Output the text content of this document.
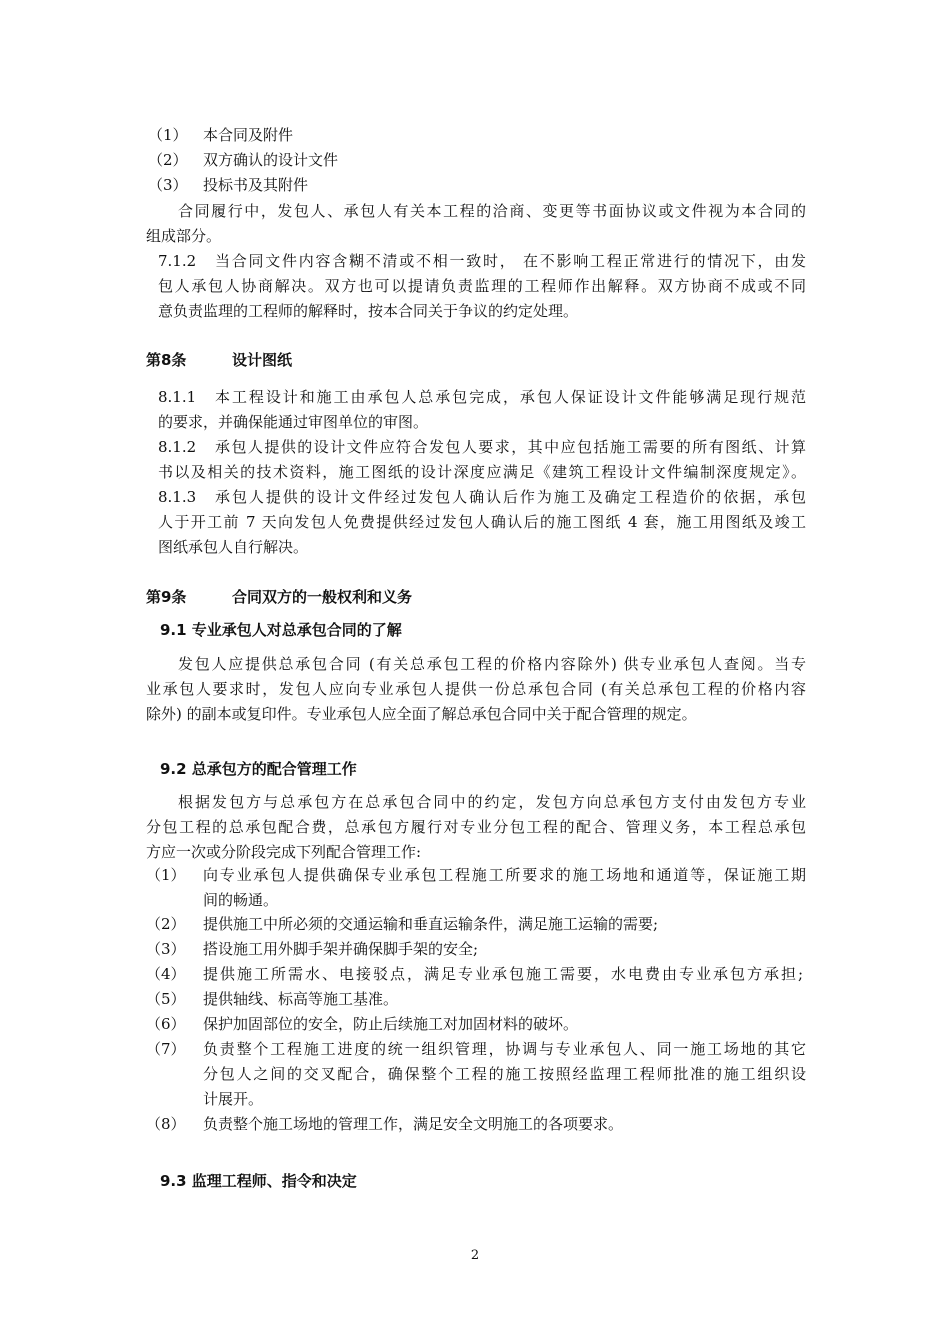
（1） 本合同及附件
（2） 双方确认的设计文件
（3） 投标书及其附件
合同履行中，发包人、承包人有关本工程的洽商、变更等书面协议或文件视为本合同的
组成部分。
7.1.2 当合同文件内容含糊不清或不相一致时， 在不影响工程正常进行的情况下，由发
包人承包人协商解决。双方也可以提请负责监理的工程师作出解释。双方协商不成或不同
意负责监理的工程师的解释时，按本合同关于争议的约定处理。
第8条	设计图纸
8.1.1 本工程设计和施工由承包人总承包完成，承包人保证设计文件能够满足现行规范
的要求，并确保能通过审图单位的审图。
8.1.2 承包人提供的设计文件应符合发包人要求，其中应包括施工需要的所有图纸、计算
书以及相关的技术资料，施工图纸的设计深度应满足《建筑工程设计文件编制深度规定》。
8.1.3 承包人提供的设计文件经过发包人确认后作为施工及确定工程造价的依据，承包
人于开工前 7 天向发包人免费提供经过发包人确认后的施工图纸 4 套，施工用图纸及竣工
图纸承包人自行解决。
第9条	合同双方的一般权利和义务
9.1 专业承包人对总承包合同的了解
发包人应提供总承包合同 (有关总承包工程的价格内容除外) 供专业承包人查阅。当专
业承包人要求时，发包人应向专业承包人提供一份总承包合同 (有关总承包工程的价格内容
除外) 的副本或复印件。专业承包人应全面了解总承包合同中关于配合管理的规定。
9.2 总承包方的配合管理工作
根据发包方与总承包方在总承包合同中的约定，发包方向总承包方支付由发包方专业
分包工程的总承包配合费，总承包方履行对专业分包工程的配合、管理义务，本工程总承包
方应一次或分阶段完成下列配合管理工作:
（1） 向专业承包人提供确保专业承包工程施工所要求的施工场地和通道等，保证施工期
间的畅通。
（2） 提供施工中所必须的交通运输和垂直运输条件，满足施工运输的需要;
（3） 搭设施工用外脚手架并确保脚手架的安全;
（4） 提供施工所需水、电接驳点，满足专业承包施工需要，水电费由专业承包方承担;
（5） 提供轴线、标高等施工基准。
（6） 保护加固部位的安全，防止后续施工对加固材料的破坏。
（7） 负责整个工程施工进度的统一组织管理，协调与专业承包人、同一施工场地的其它
分包人之间的交叉配合，确保整个工程的施工按照经监理工程师批准的施工组织设
计展开。
（8） 负责整个施工场地的管理工作，满足安全文明施工的各项要求。
9.3 监理工程师、指令和决定
2
